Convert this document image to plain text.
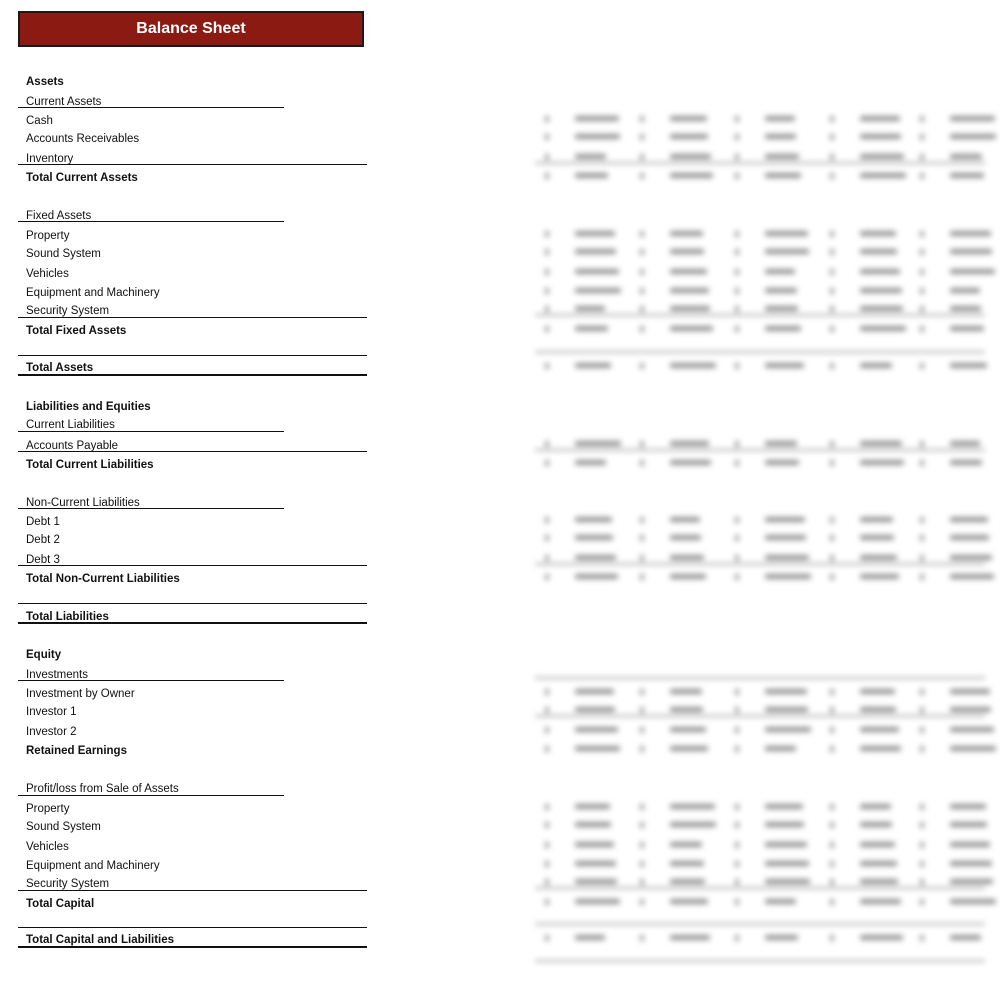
Balance Sheet
Assets
Current Assets
Cash
Accounts Receivables
Inventory
Total Current Assets
Fixed Assets
Property
Sound System
Vehicles
Equipment and Machinery
Security System
Total Fixed Assets
Total Assets
Liabilities and Equities
Current Liabilities
Accounts Payable
Total Current Liabilities
Non-Current Liabilities
Debt 1
Debt 2
Debt 3
Total Non-Current Liabilities
Total Liabilities
Equity
Investments
Investment by Owner
Investor 1
Investor 2
Retained Earnings
Profit/loss from Sale of Assets
Property
Sound System
Vehicles
Equipment and Machinery
Security System
Total Capital
Total Capital and Liabilities
